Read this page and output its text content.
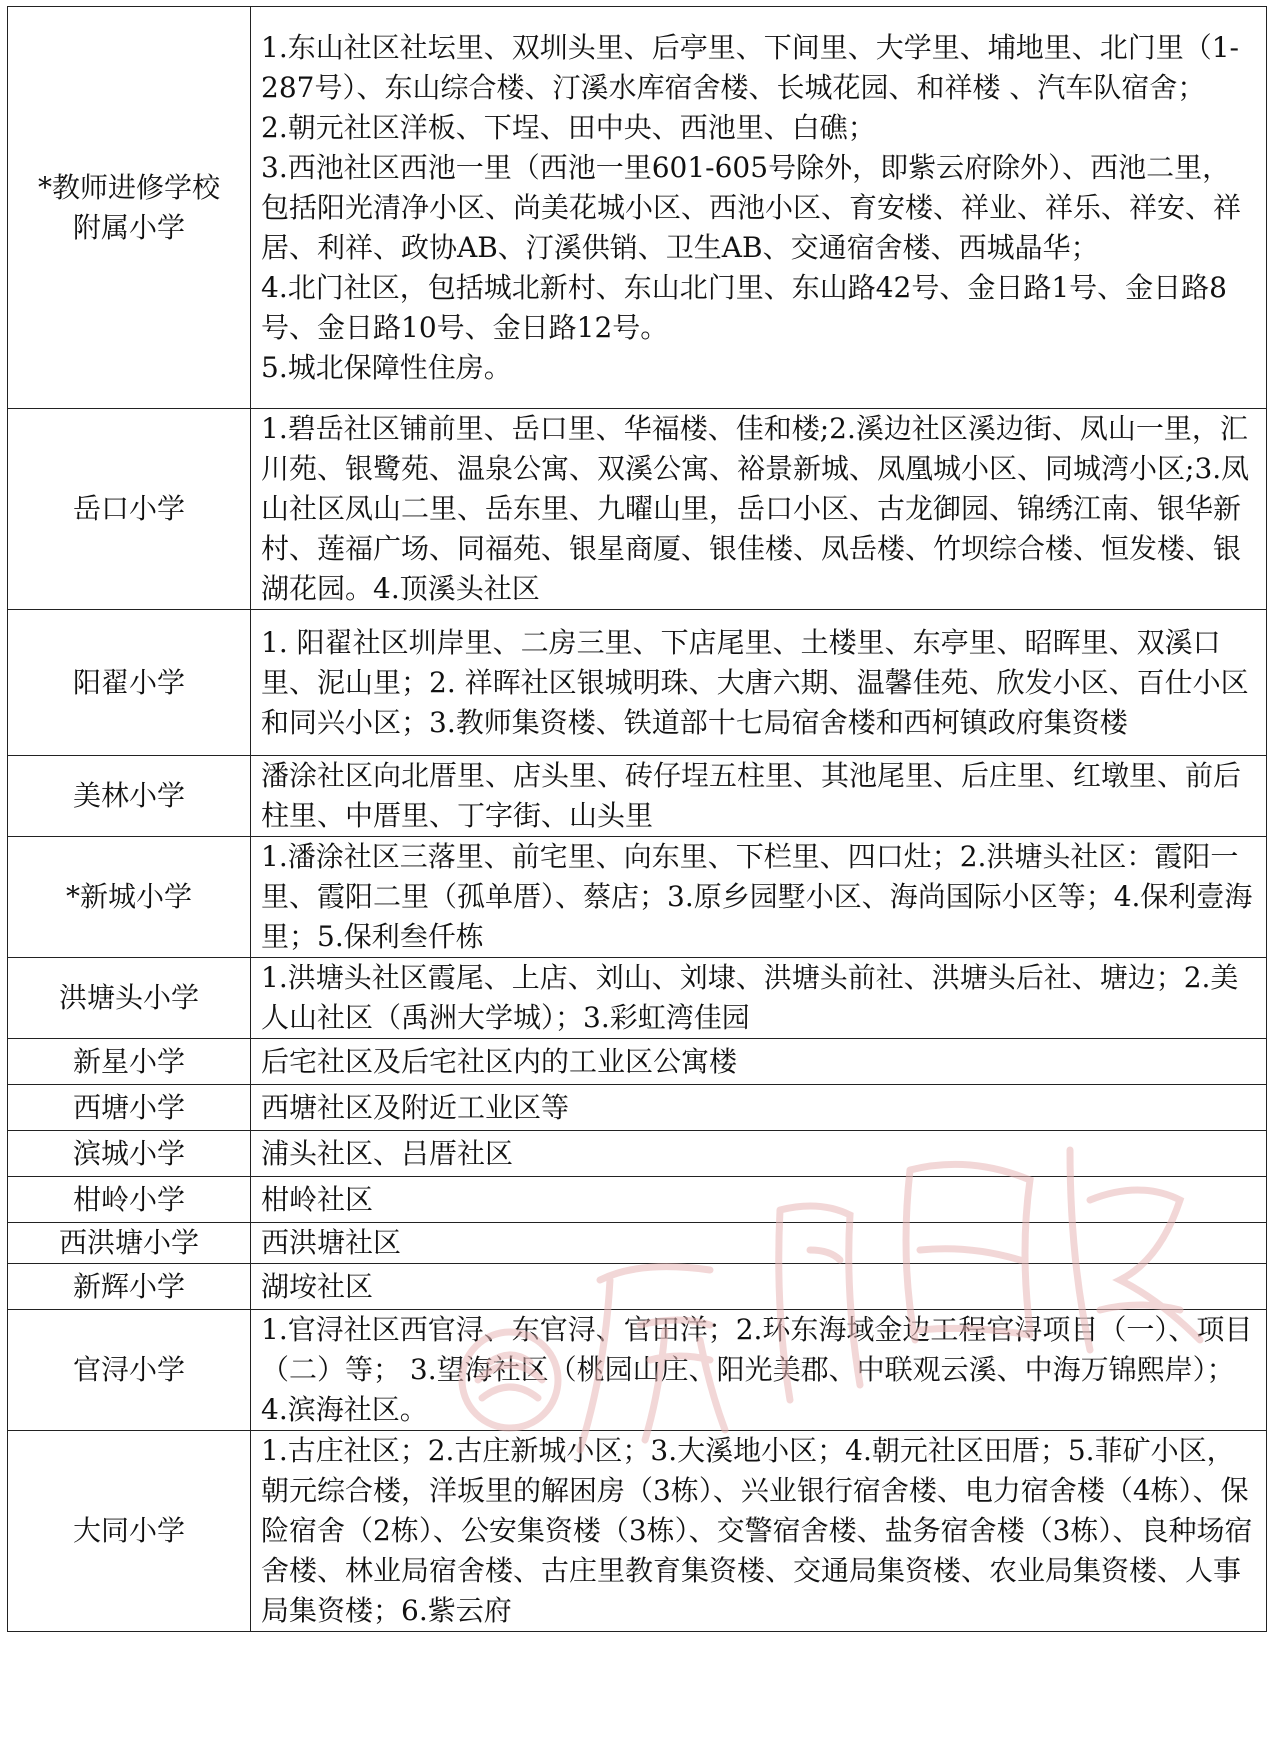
*教师进修学校附属小学	1.东山社区社坛里、双圳头里、后亭里、下间里、大学里、埔地里、北门里（1-287号）、东山综合楼、汀溪水库宿舍楼、长城花园、和祥楼 、汽车队宿舍；
2.朝元社区洋板、下埕、田中央、西池里、白礁；
3.西池社区西池一里（西池一里601-605号除外，即紫云府除外）、西池二里，包括阳光清净小区、尚美花城小区、西池小区、育安楼、祥业、祥乐、祥安、祥居、利祥、政协AB、汀溪供销、卫生AB、交通宿舍楼、西城晶华；
4.北门社区，包括城北新村、东山北门里、东山路42号、金日路1号、金日路8号、金日路10号、金日路12号。
5.城北保障性住房。

岳口小学	1.碧岳社区铺前里、岳口里、华福楼、佳和楼;2.溪边社区溪边街、凤山一里，汇川苑、银鹭苑、温泉公寓、双溪公寓、裕景新城、凤凰城小区、同城湾小区;3.凤山社区凤山二里、岳东里、九曜山里，岳口小区、古龙御园、锦绣江南、银华新村、莲福广场、同福苑、银星商厦、银佳楼、凤岳楼、竹坝综合楼、恒发楼、银湖花园。4.顶溪头社区
阳翟小学	1. 阳翟社区圳岸里、二房三里、下店尾里、土楼里、东亭里、昭晖里、双溪口里、泥山里；2. 祥晖社区银城明珠、大唐六期、温馨佳苑、欣发小区、百仕小区和同兴小区；3.教师集资楼、铁道部十七局宿舍楼和西柯镇政府集资楼
美林小学	潘涂社区向北厝里、店头里、砖仔埕五柱里、其池尾里、后庄里、红墩里、前后柱里、中厝里、丁字街、山头里
*新城小学	1.潘涂社区三落里、前宅里、向东里、下栏里、四口灶；2.洪塘头社区：霞阳一里、霞阳二里（孤单厝）、蔡店；3.原乡园墅小区、海尚国际小区等；4.保利壹海里；5.保利叁仟栋
洪塘头小学	1.洪塘头社区霞尾、上店、刘山、刘埭、洪塘头前社、洪塘头后社、塘边；2.美人山社区（禹洲大学城）；3.彩虹湾佳园
新星小学	后宅社区及后宅社区内的工业区公寓楼
西塘小学	西塘社区及附近工业区等
滨城小学	浦头社区、吕厝社区
柑岭小学	柑岭社区
西洪塘小学	西洪塘社区
新辉小学	湖垵社区
官浔小学	1.官浔社区西官浔、东官浔、官田洋；2.环东海域金边工程官浔项目（一）、项目（二）等； 3.望海社区（桃园山庄、阳光美郡、中联观云溪、中海万锦熙岸）；4.滨海社区。
大同小学	1.古庄社区；2.古庄新城小区；3.大溪地小区；4.朝元社区田厝；5.菲矿小区，朝元综合楼，洋坂里的解困房（3栋）、兴业银行宿舍楼、电力宿舍楼（4栋）、保险宿舍（2栋）、公安集资楼（3栋）、交警宿舍楼、盐务宿舍楼（3栋）、良种场宿舍楼、林业局宿舍楼、古庄里教育集资楼、交通局集资楼、农业局集资楼、人事局集资楼；6.紫云府
